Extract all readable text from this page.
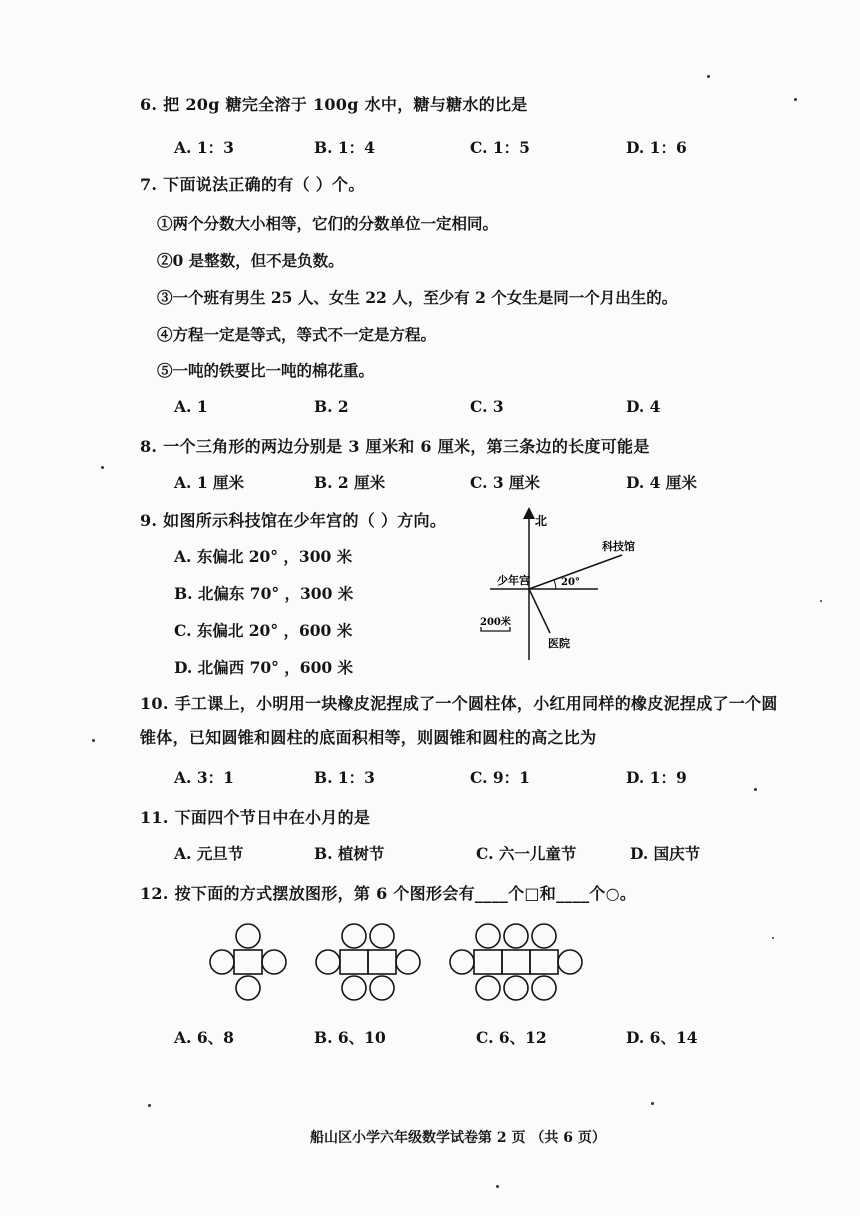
6. 把 20g 糖完全溶于 100g 水中，糖与糖水的比是
A. 1：3	B. 1：4	C. 1：5	D. 1：6
7. 下面说法正确的有（ ）个。
①两个分数大小相等，它们的分数单位一定相同。
②0 是整数，但不是负数。
③一个班有男生 25 人、女生 22 人，至少有 2 个女生是同一个月出生的。
④方程一定是等式，等式不一定是方程。
⑤一吨的铁要比一吨的棉花重。
A. 1	B. 2	C. 3	D. 4
8. 一个三角形的两边分别是 3 厘米和 6 厘米，第三条边的长度可能是
A. 1 厘米	B. 2 厘米	C. 3 厘米	D. 4 厘米
9. 如图所示科技馆在少年宫的（ ）方向。
A. 东偏北 20° ，300 米
B. 北偏东 70° ，300 米
C. 东偏北 20° ，600 米
D. 北偏西 70° ，600 米
北
科技馆
少年宫	20°
200米
医院
10. 手工课上，小明用一块橡皮泥捏成了一个圆柱体，小红用同样的橡皮泥捏成了一个圆锥体，已知圆锥和圆柱的底面积相等，则圆锥和圆柱的高之比为
A. 3：1	B. 1：3	C. 9：1	D. 1：9
11. 下面四个节日中在小月的是
A. 元旦节	B. 植树节	C. 六一儿童节	D. 国庆节
12. 按下面的方式摆放图形，第 6 个图形会有____个□和____个○。
A. 6、8	B. 6、10	C. 6、12	D. 6、14
船山区小学六年级数学试卷第 2 页 （共 6 页）
